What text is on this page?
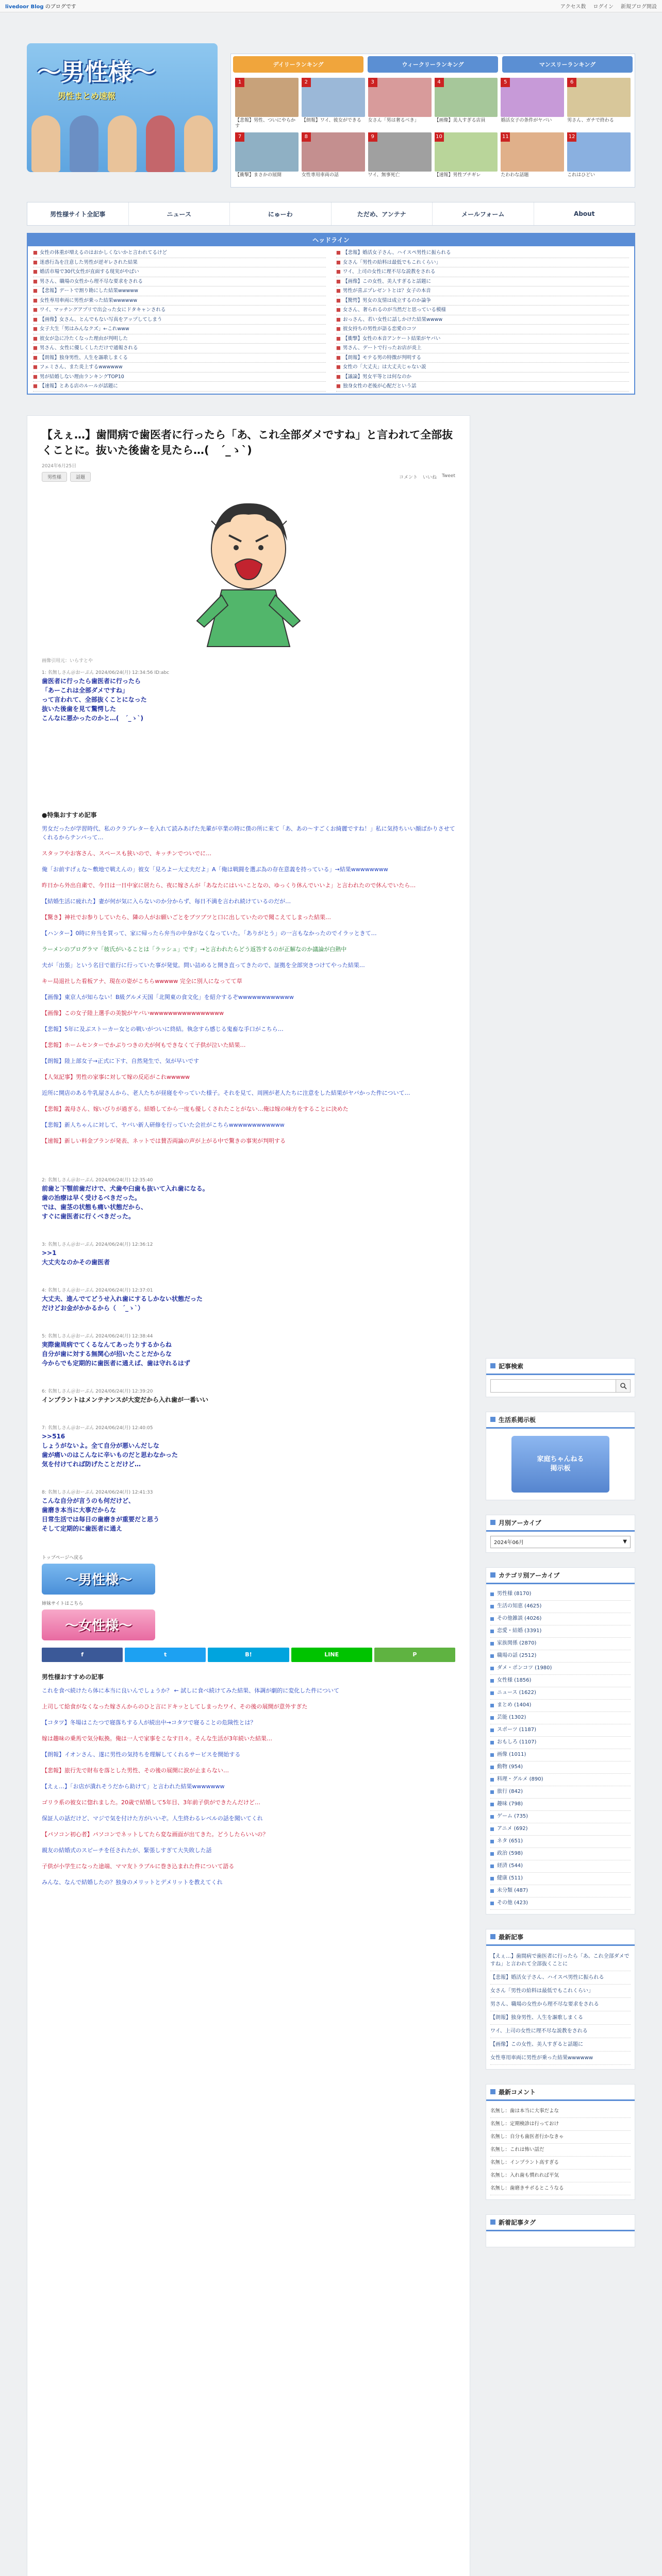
livedoor Blog のブログです	アクセス数 ログイン 新規ブログ開設
〜男性様〜
男性まとめ速報
デイリーランキング	ウィークリーランキング	マンスリーランキング
1
【悲報】男性、ついにやらかす
2
【朗報】ワイ、彼女ができる
3
女さん「男は奢るべき」
4
【画像】美人すぎる店員
5
婚活女子の条件がヤバい
6
男さん、ガチで終わる
7
【衝撃】まさかの展開
8
女性専用車両の話
9
ワイ、無事死亡
10
【速報】男性ブチギレ
11
たわわな話題
12
これはひどい
男性様サイト全記事	ニュース	にゅーわ	ただめ、アンテナ	メールフォーム	About
ヘッドライン
■ 女性の体重が増えるのはおかしくないかと言われてるけど
■ 迷惑行為を注意した男性が逆ギレされた結果
■ 婚活市場で30代女性が直面する現実がやばい
■ 男さん、職場の女性から理不尽な要求をされる
■ 【悲報】デートで割り勘にした結果wwwww
■ 女性専用車両に男性が乗った結果wwwwww
■ ワイ、マッチングアプリで出会った女にドタキャンされる
■ 【画像】女さん、とんでもない写真をアップしてしまう
■ 女子大生「男はみんなクズ」←これwww
■ 彼女が急に冷たくなった理由が判明した
■ 男さん、女性に優しくしただけで通報される
■ 【朗報】独身男性、人生を謳歌しまくる
■ フェミさん、また炎上するwwwwww
■ 男が結婚しない理由ランキングTOP10
■ 【速報】とある店のルールが話題に
■ 【悲報】婚活女子さん、ハイスペ男性に振られる
■ 女さん「男性の給料は最低でもこれくらい」
■ ワイ、上司の女性に理不尽な説教をされる
■ 【画像】この女性、美人すぎると話題に
■ 男性が喜ぶプレゼントとは？女子の本音
■ 【驚愕】男女の友情は成立するのか論争
■ 女さん、奢られるのが当然だと思っている模様
■ おっさん、若い女性に話しかけた結果wwww
■ 彼女持ちの男性が語る恋愛のコツ
■ 【衝撃】女性の本音アンケート結果がヤバい
■ 男さん、デートで行ったお店が炎上
■ 【朗報】モテる男の特徴が判明する
■ 女性の「大丈夫」は大丈夫じゃない説
■ 【議論】男女平等とは何なのか
■ 独身女性の老後が心配だという話
【えぇ…】歯間病で歯医者に行ったら「あ、これ全部ダメですね」と言われて全部抜くことに。抜いた後歯を見たら…(　´_ゝ`)
2024年6月25日
男性様	話題	コメント いいね Tweet
画像引用元：いらすとや
1: 名無しさん＠おーぷん 2024/06/24(月) 12:34:56 ID:abc
歯医者に行ったら歯医者に行ったら
「あーこれは全部ダメですね」
って言われて、全部抜くことになった
抜いた後歯を見て驚愕した
こんなに悪かったのかと…(　´_ゝ`)
●特集おすすめ記事
男女だったが学習時代、私のクラブレターを入れて読みあげた先輩が卒業の時に僕の所に来て「あ、あの〜すごくお綺麗ですね！」私に気持ちいい顔ばかりさせてくれるからテンパって…
スタッフやお客さん、スペースも狭いので、キッチンでついでに…
俺「お前すげぇな〜敷地で戦えんの」彼女「見ろよー大丈夫だよ」A「俺は戦闘を選ぶ為の存在意義を持っている」→結果wwwwwwww
昨日から外出自粛で、今日は一日中家に居たら、夜に嫁さんが「あなたにはいいことなの、ゆっくり休んでいいよ」と言われたので休んでいたら…
【結婚生活に疲れた】妻が何が気に入らないのか分からず、毎日不満を言われ続けているのだが…
【驚き】神社でお参りしていたら、隣の人がお願いごとをブツブツと口に出していたので聞こえてしまった結果…
【ハンター】0時に弁当を買って、家に帰ったら弁当の中身がなくなっていた。「ありがとう」の一言もなかったのでイラッときて…
ラーメンのプログラマ「彼氏がいることは「ラッシュ」です」→と言われたらどう返答するのが正解なのか議論が白熱中
夫が「出張」という名目で旅行に行っていた事が発覚。問い詰めると開き直ってきたので、証拠を全部突きつけてやった結果…
キー局退社した看板アナ、現在の姿がこちらwwwww 完全に別人になってて草
【画像】東京人が知らない！B級グルメ天国「北関東の食文化」を紹介するぞwwwwwwwwwwww
【画像】この女子陸上選手の美貌がヤバいwwwwwwwwwwwwwwww
【悲報】5年に及ぶストーカー女との戦いがついに終結。執念すら感じる鬼畜な手口がこちら…
【悲報】ホームセンターでかぶりつきの犬が何もできなくて子供が泣いた結果…
【朗報】陸上部女子→正式に下す、自然発生で、気が早いです
【人気記事】男性の家事に対して嫁の反応がこれwwwww
近所に開店のある牛乳屋さんから、老人たちが昼寝をやっていた様子。それを見て、周囲が老人たちに注意をした結果がヤバかった件について…
【悲報】義母さん、嫁いびりが過ぎる。結婚してから一度も優しくされたことがない…俺は嫁の味方をすることに決めた
【悲報】新人ちゃんに対して、ヤバい新人研修を行っていた会社がこちらwwwwwwwwwwww
【速報】新しい料金プランが発表、ネットでは賛否両論の声が上がる中で驚きの事実が判明する
2: 名無しさん＠おーぷん 2024/06/24(月) 12:35:40
前歯と下顎前歯だけで、犬歯や臼歯も抜いて入れ歯になる。
歯の治療は早く受けるべきだった。
では、歯茎の状態も痛い状態だから、
すぐに歯医者に行くべきだった。
3: 名無しさん＠おーぷん 2024/06/24(月) 12:36:12
>>1
大丈夫なのかその歯医者
4: 名無しさん＠おーぷん 2024/06/24(月) 12:37:01
大丈夫、進んでてどうせ入れ歯にするしかない状態だった
だけどお金がかかるから（　´_ゝ`）
5: 名無しさん＠おーぷん 2024/06/24(月) 12:38:44
実際歯周病でてくるなんてあったりするからね
自分が歯に対する無関心が招いたことだからな
今からでも定期的に歯医者に通えば、歯は守れるはず
6: 名無しさん＠おーぷん 2024/06/24(月) 12:39:20
インプラントはメンテナンスが大変だから入れ歯が一番いい
7: 名無しさん＠おーぷん 2024/06/24(月) 12:40:05
>>516
しょうがないよ。全て自分が悪いんだしな
歯が痛いのはこんなに辛いものだと思わなかった
気を付けてれば防げたことだけど…
8: 名無しさん＠おーぷん 2024/06/24(月) 12:41:33
こんな自分が言うのも何だけど、
歯磨き本当に大事だからな
日常生活では毎日の歯磨きが重要だと思う
そして定期的に歯医者に通え
トップページへ戻る
〜男性様〜
姉妹サイトはこちら
〜女性様〜
f	t	B!	LINE	P
男性様おすすめの記事
これを食べ続けたら体に本当に良いんでしょうか？ ← 試しに食べ続けてみた結果、体調が劇的に変化した件について
上司して給食がなくなった嫁さんからのひと言にドキッとしてしまったワイ、その後の展開が意外すぎた
【コタツ】冬場はこたつで寝落ちする人が続出中→コタツで寝ることの危険性とは？
嫁は趣味の乗馬で気分転換。俺は一人で家事をこなす日々。そんな生活が3年続いた結果…
【朗報】イオンさん、遂に男性の気持ちを理解してくれるサービスを開始する
【悲報】旅行先で財布を落とした男性、その後の展開に涙が止まらない…
【えぇ…】「お店が潰れそうだから助けて」と言われた結果wwwwwww
ゴリラ系の彼女に惚れました。20歳で結婚して5年目、3年前子供ができたんだけど…
保証人の話だけど、マジで気を付けた方がいいぞ。人生終わるレベルの話を聞いてくれ
【パソコン初心者】パソコンでネットしてたら変な画面が出てきた。どうしたらいいの？
親友の結婚式のスピーチを任されたが、緊張しすぎて大失敗した話
子供が小学生になった途端、ママ友トラブルに巻き込まれた件について語る
みんな、なんで結婚したの？独身のメリットとデメリットを教えてくれ
記事検索
生活系掲示板
家庭ちゃんねる
掲示板
月別アーカイブ
2024年06月	▼
カテゴリ別アーカイブ
男性様 (8170)
生活の知恵 (4625)
その他雑談 (4026)
恋愛・結婚 (3391)
家族関係 (2870)
職場の話 (2512)
ダメ・ポンコツ (1980)
女性様 (1856)
ニュース (1622)
まとめ (1404)
芸能 (1302)
スポーツ (1187)
おもしろ (1107)
画像 (1011)
動物 (954)
料理・グルメ (890)
旅行 (842)
趣味 (798)
ゲーム (735)
アニメ (692)
ネタ (651)
政治 (598)
経済 (544)
健康 (511)
未分類 (487)
その他 (423)
最新記事
【えぇ…】歯間病で歯医者に行ったら「あ、これ全部ダメですね」と言われて全部抜くことに
【悲報】婚活女子さん、ハイスペ男性に振られる
女さん「男性の給料は最低でもこれくらい」
男さん、職場の女性から理不尽な要求をされる
【朗報】独身男性、人生を謳歌しまくる
ワイ、上司の女性に理不尽な説教をされる
【画像】この女性、美人すぎると話題に
女性専用車両に男性が乗った結果wwwwww
最新コメント
名無し：歯は本当に大事だよな
名無し：定期検診は行っておけ
名無し：自分も歯医者行かなきゃ
名無し：これは怖い話だ
名無し：インプラント高すぎる
名無し：入れ歯も慣れれば平気
名無し：歯磨きサボるとこうなる
新着記事タグ
